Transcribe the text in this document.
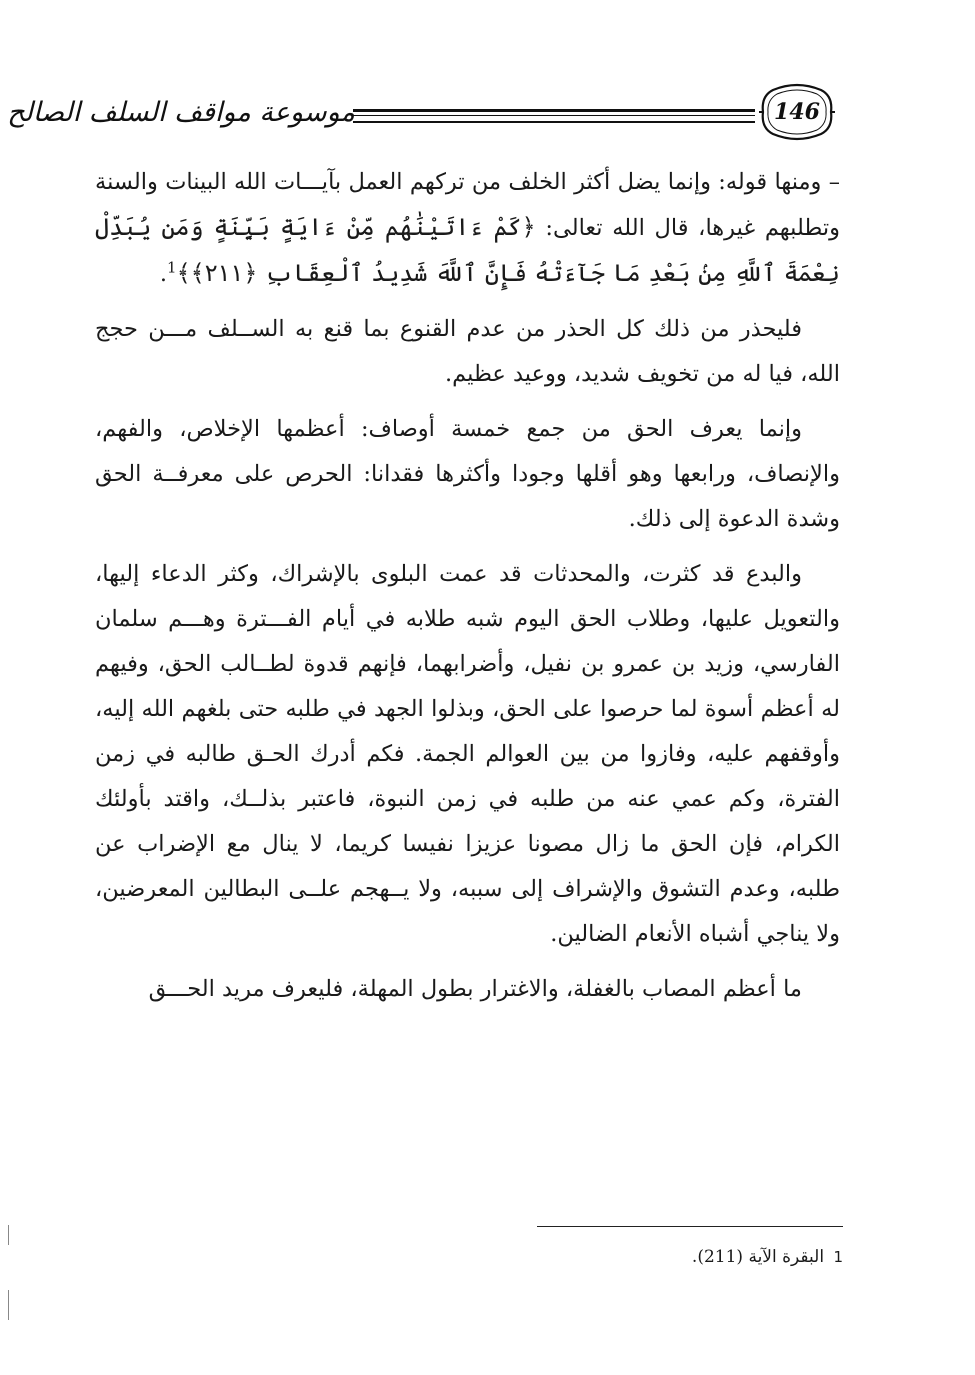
موسوعة مواقف السلف الصالح	146

– ومنها قوله: وإنما يضل أكثر الخلف من تركهم العمل بآيـــات الله البينات والسنة وتطلبهم غيرها، قال الله تعالى: ﴿كَمْ ءَاتَيْنَٰهُم مِّنْ ءَايَةٍ بَيِّنَةٍ وَمَن يُبَدِّلْ نِعْمَةَ ٱللَّهِ مِنۢ بَعْدِ مَا جَآءَتْهُ فَإِنَّ ٱللَّهَ شَدِيدُ ٱلْعِقَابِ ﴿٢١١﴾﴾$^1$.

فليحذر من ذلك كل الحذر من عدم القنوع بما قنع به الســلف مـــن حجج الله، فيا له من تخويف شديد، ووعيد عظيم.

وإنما يعرف الحق من جمع خمسة أوصاف: أعظمها الإخلاص، والفهم، والإنصاف، ورابعها وهو أقلها وجودا وأكثرها فقدانا: الحرص على معرفــة الحق وشدة الدعوة إلى ذلك.

والبدع قد كثرت، والمحدثات قد عمت البلوى بالإشراك، وكثر الدعاء إليها، والتعويل عليها، وطلاب الحق اليوم شبه طلابه في أيام الفـــترة وهـــم سلمان الفارسي، وزيد بن عمرو بن نفيل، وأضرابهما، فإنهم قدوة لطــالب الحق، وفيهم له أعظم أسوة لما حرصوا على الحق، وبذلوا الجهد في طلبه حتى بلغهم الله إليه، وأوقفهم عليه، وفازوا من بين العوالم الجمة. فكم أدرك الحـق طالبه في زمن الفترة، وكم عمي عنه من طلبه في زمن النبوة، فاعتبر بذلــك، واقتد بأولئك الكرام، فإن الحق ما زال مصونا عزيزا نفيسا كريما، لا ينال مع الإضراب عن طلبه، وعدم التشوق والإشراف إلى سببه، ولا يــهجم علــى البطالين المعرضين، ولا يناجي أشباه الأنعام الضالين.

ما أعظم المصاب بالغفلة، والاغترار بطول المهلة، فليعرف مريد الحـــق

1 البقرة الآية (211).
